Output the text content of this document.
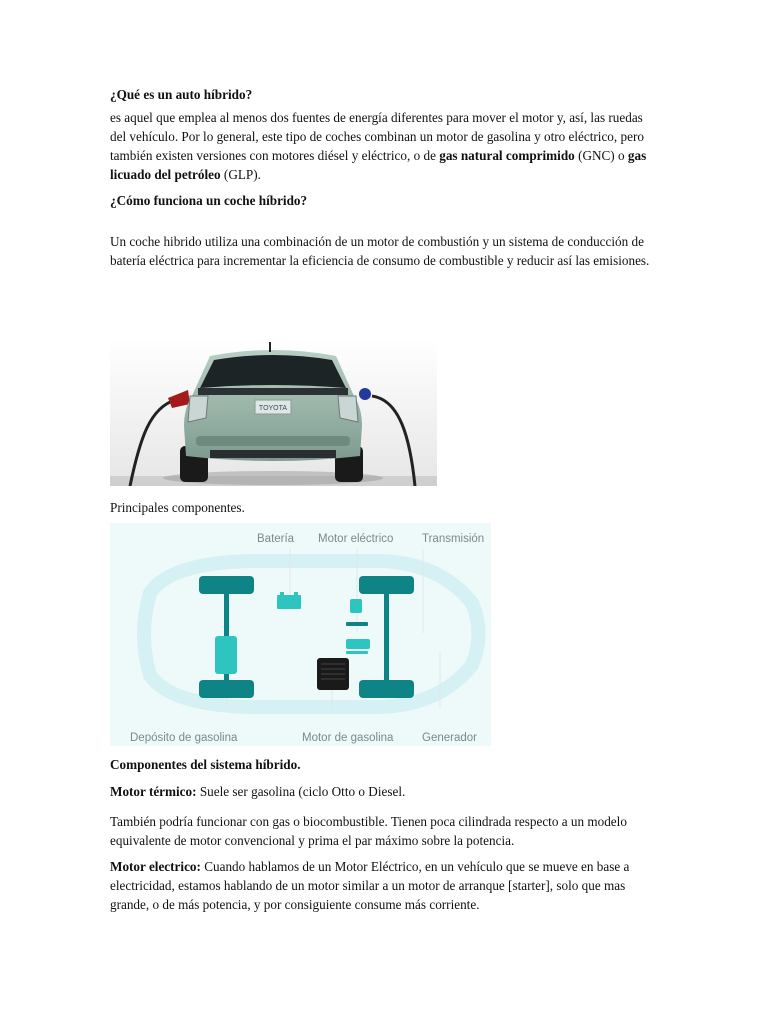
¿Qué es un auto híbrido?
es aquel que emplea al menos dos fuentes de energía diferentes para mover el motor y, así, las ruedas del vehículo. Por lo general, este tipo de coches combinan un motor de gasolina y otro eléctrico, pero también existen versiones con motores diésel y eléctrico, o de gas natural comprimido (GNC) o gas licuado del petróleo (GLP).
¿Cómo funciona un coche híbrido?
Un coche hibrido utiliza una combinación de un motor de combustión y un sistema de conducción de batería eléctrica para incrementar la eficiencia de consumo de combustible y reducir así las emisiones.
TOYOTA
Principales componentes.
Batería Motor eléctrico Transmisión
Depósito de gasolina	Motor de gasolina Generador
Componentes del sistema híbrido.
Motor térmico: Suele ser gasolina (ciclo Otto o Diesel.
También podría funcionar con gas o biocombustible. Tienen poca cilindrada respecto a un modelo equivalente de motor convencional y prima el par máximo sobre la potencia.
Motor electrico: Cuando hablamos de un Motor Eléctrico, en un vehículo que se mueve en base a electricidad, estamos hablando de un motor similar a un motor de arranque [starter], solo que mas grande, o de más potencia, y por consiguiente consume más corriente.
